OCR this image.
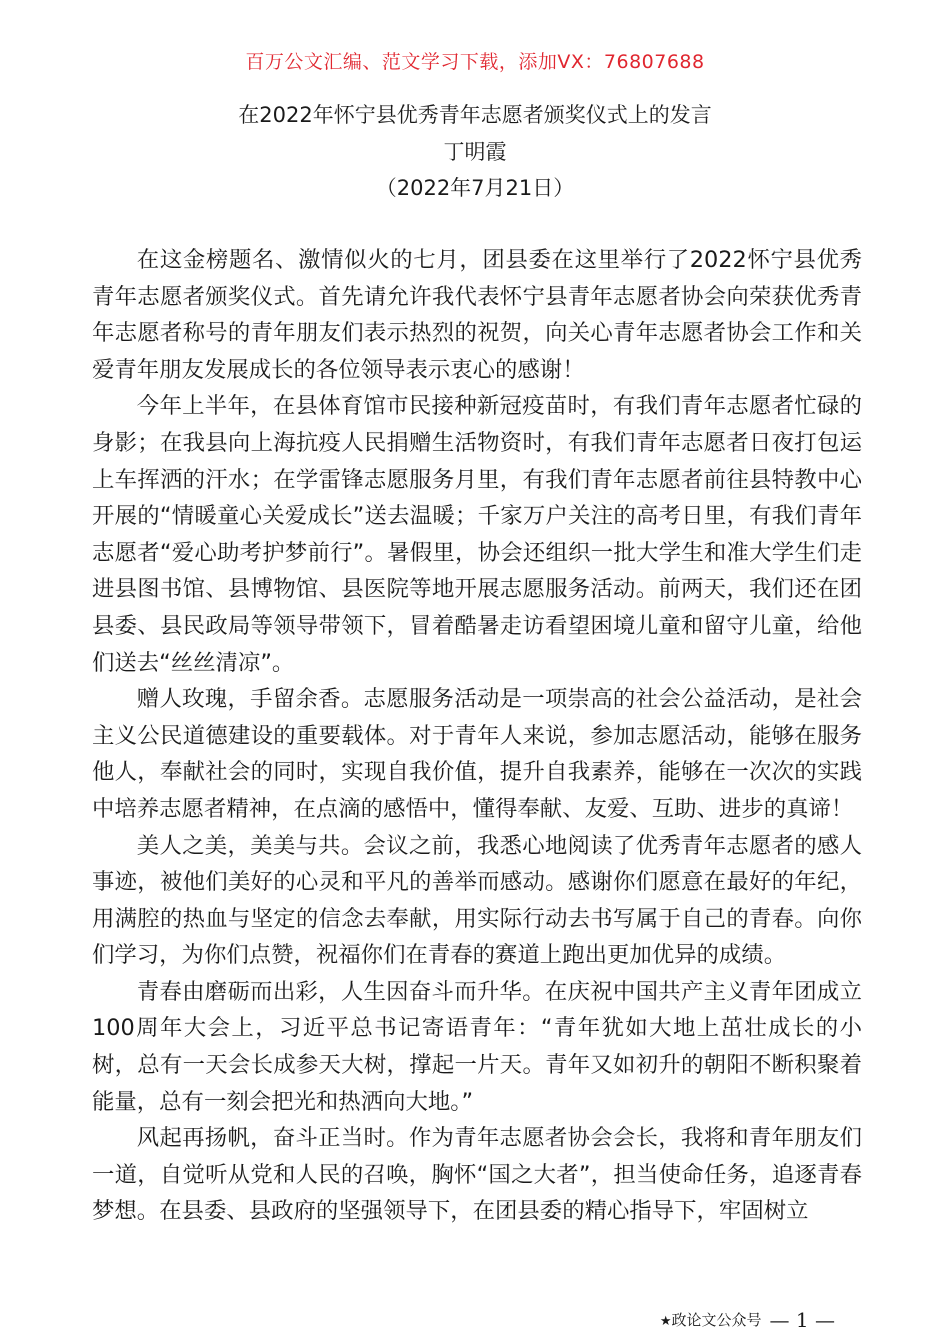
百万公文汇编、范文学习下载，添加VX：76807688
在2022年怀宁县优秀青年志愿者颁奖仪式上的发言
丁明霞
（2022年7月21日）

在这金榜题名、激情似火的七月，团县委在这里举行了2022怀宁县优秀青年志愿者颁奖仪式。首先请允许我代表怀宁县青年志愿者协会向荣获优秀青年志愿者称号的青年朋友们表示热烈的祝贺，向关心青年志愿者协会工作和关爱青年朋友发展成长的各位领导表示衷心的感谢！

今年上半年，在县体育馆市民接种新冠疫苗时，有我们青年志愿者忙碌的身影；在我县向上海抗疫人民捐赠生活物资时，有我们青年志愿者日夜打包运上车挥洒的汗水；在学雷锋志愿服务月里，有我们青年志愿者前往县特教中心开展的“情暖童心关爱成长”送去温暖；千家万户关注的高考日里，有我们青年志愿者“爱心助考护梦前行”。暑假里，协会还组织一批大学生和准大学生们走进县图书馆、县博物馆、县医院等地开展志愿服务活动。前两天，我们还在团县委、县民政局等领导带领下，冒着酷暑走访看望困境儿童和留守儿童，给他们送去“丝丝清凉”。

赠人玫瑰，手留余香。志愿服务活动是一项崇高的社会公益活动，是社会主义公民道德建设的重要载体。对于青年人来说，参加志愿活动，能够在服务他人，奉献社会的同时，实现自我价值，提升自我素养，能够在一次次的实践中培养志愿者精神，在点滴的感悟中，懂得奉献、友爱、互助、进步的真谛！

美人之美，美美与共。会议之前，我悉心地阅读了优秀青年志愿者的感人事迹，被他们美好的心灵和平凡的善举而感动。感谢你们愿意在最好的年纪，用满腔的热血与坚定的信念去奉献，用实际行动去书写属于自己的青春。向你们学习，为你们点赞，祝福你们在青春的赛道上跑出更加优异的成绩。

青春由磨砺而出彩，人生因奋斗而升华。在庆祝中国共产主义青年团成立100周年大会上，习近平总书记寄语青年：“青年犹如大地上茁壮成长的小树，总有一天会长成参天大树，撑起一片天。青年又如初升的朝阳不断积聚着能量，总有一刻会把光和热洒向大地。”

风起再扬帆，奋斗正当时。作为青年志愿者协会会长，我将和青年朋友们一道，自觉听从党和人民的召唤，胸怀“国之大者”，担当使命任务，追逐青春梦想。在县委、县政府的坚强领导下，在团县委的精心指导下，牢固树立

★政论文公众号 — 1 —
